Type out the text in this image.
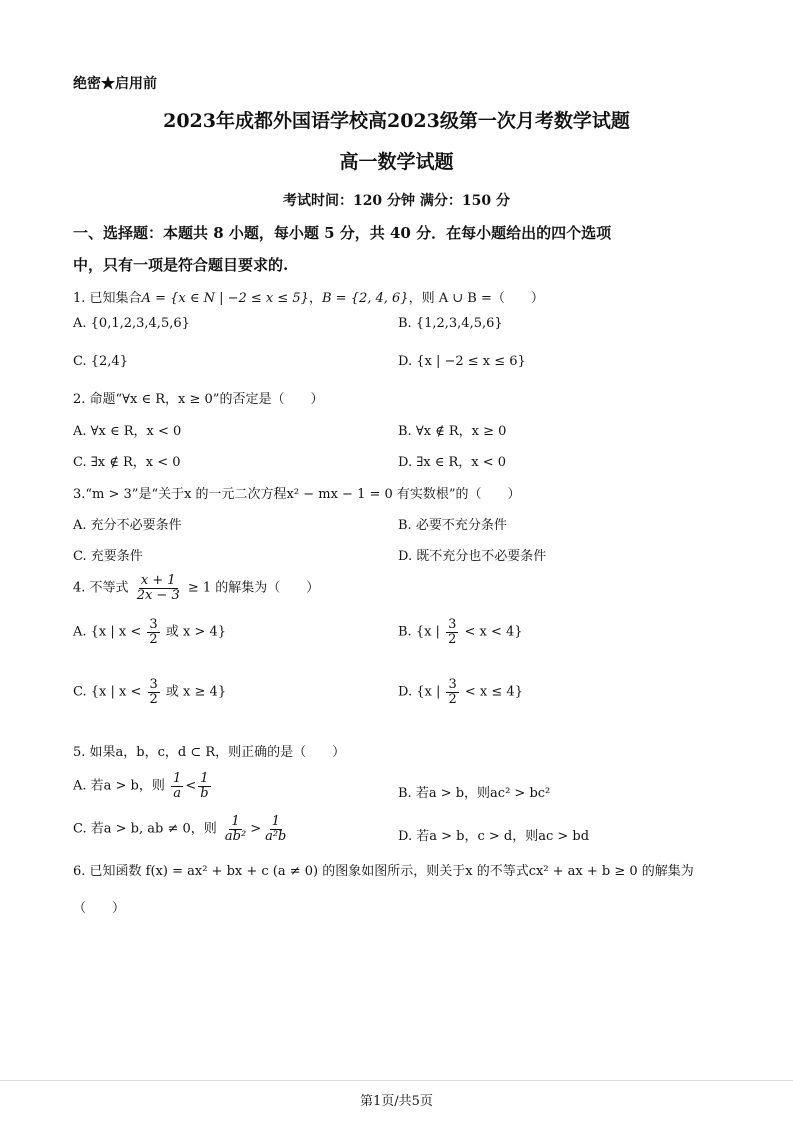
绝密★启用前
2023年成都外国语学校高2023级第一次月考数学试题
高一数学试题
考试时间：120 分钟 满分：150 分
一、选择题：本题共 8 小题，每小题 5 分，共 40 分．在每小题给出的四个选项
中，只有一项是符合题目要求的.
1. 已知集合A = {x ∈ N | −2 ≤ x ≤ 5}，B = {2, 4, 6}，则 A ∪ B =（　　）
A. {0,1,2,3,4,5,6}	B. {1,2,3,4,5,6}
C. {2,4}	D. {x | −2 ≤ x ≤ 6}
2. 命题“∀x ∈ R，x ≥ 0”的否定是（　　）
A. ∀x ∈ R，x < 0	B. ∀x ∉ R，x ≥ 0
C. ∃x ∉ R，x < 0	D. ∃x ∈ R，x < 0
3.“m > 3”是“关于x 的一元二次方程x² − mx − 1 = 0 有实数根”的（　　）
A. 充分不必要条件	B. 必要不充分条件
C. 充要条件	D. 既不充分也不必要条件
4. 不等式 $\frac{x + 1}{2x - 3} \ge 1$ 的解集为（　　）
A. {x | $x < \frac{3}{2}$ 或 x > 4}	B. {x | $\frac{3}{2} < x < 4$}
C. {x | $x < \frac{3}{2}$ 或 x ≥ 4}	D. {x | $\frac{3}{2} < x \le 4$}
5. 如果a，b，c，d ⊂ R，则正确的是（　　）
A. 若a > b，则 $\frac{1}{a} < \frac{1}{b}$	B. 若a > b，则ac² > bc²
C. 若a > b, ab ≠ 0，则 $\frac{1}{\text{ab²}} > \frac{1}{\text{a²b}}$	D. 若a > b，c > d，则ac > bd
6. 已知函数 f(x) = ax² + bx + c (a ≠ 0) 的图象如图所示，则关于x 的不等式cx² + ax + b ≥ 0 的解集为
（　　）
第1页/共5页
